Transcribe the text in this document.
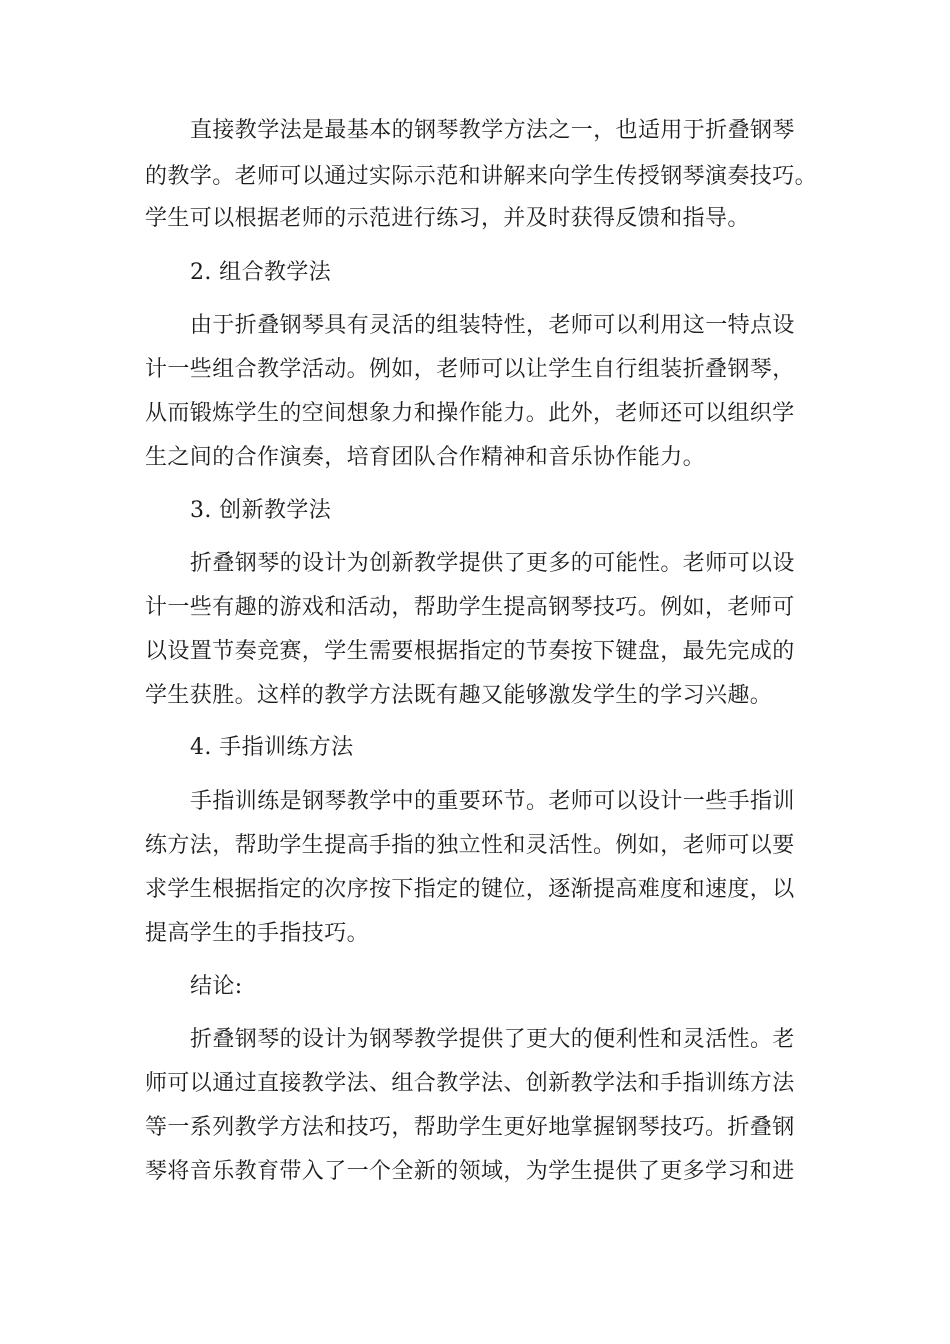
直接教学法是最基本的钢琴教学方法之一，也适用于折叠钢琴
的教学。老师可以通过实际示范和讲解来向学生传授钢琴演奏技巧。
学生可以根据老师的示范进行练习，并及时获得反馈和指导。
2. 组合教学法
由于折叠钢琴具有灵活的组装特性，老师可以利用这一特点设
计一些组合教学活动。例如，老师可以让学生自行组装折叠钢琴，
从而锻炼学生的空间想象力和操作能力。此外，老师还可以组织学
生之间的合作演奏，培育团队合作精神和音乐协作能力。
3. 创新教学法
折叠钢琴的设计为创新教学提供了更多的可能性。老师可以设
计一些有趣的游戏和活动，帮助学生提高钢琴技巧。例如，老师可
以设置节奏竞赛，学生需要根据指定的节奏按下键盘，最先完成的
学生获胜。这样的教学方法既有趣又能够激发学生的学习兴趣。
4. 手指训练方法
手指训练是钢琴教学中的重要环节。老师可以设计一些手指训
练方法，帮助学生提高手指的独立性和灵活性。例如，老师可以要
求学生根据指定的次序按下指定的键位，逐渐提高难度和速度，以
提高学生的手指技巧。
结论:
折叠钢琴的设计为钢琴教学提供了更大的便利性和灵活性。老
师可以通过直接教学法、组合教学法、创新教学法和手指训练方法
等一系列教学方法和技巧，帮助学生更好地掌握钢琴技巧。折叠钢
琴将音乐教育带入了一个全新的领域，为学生提供了更多学习和进
